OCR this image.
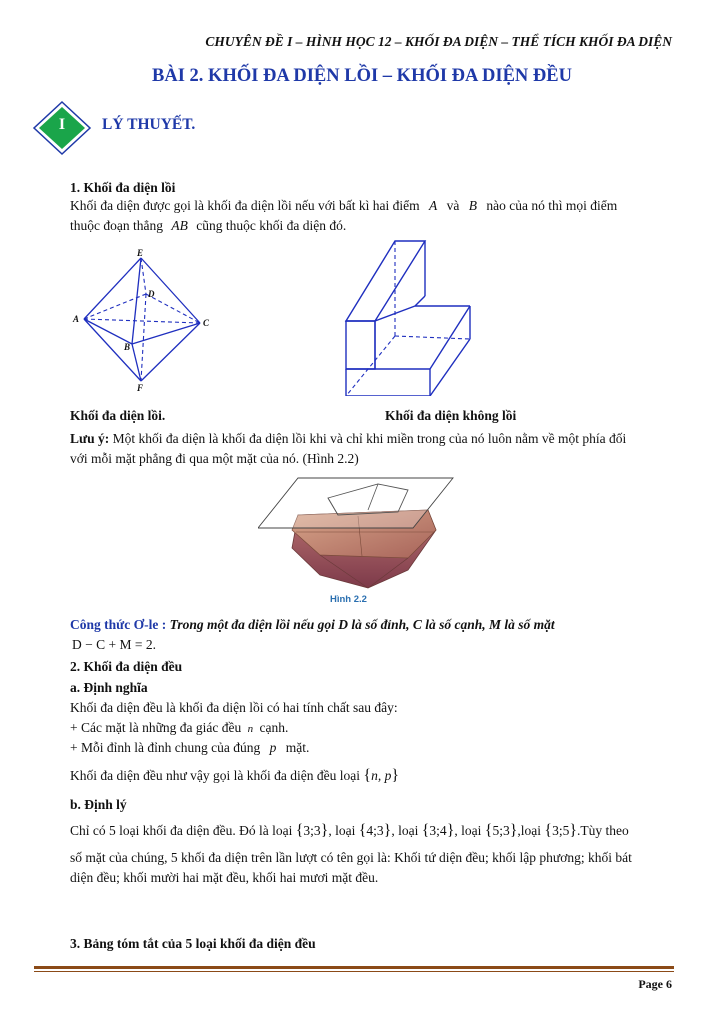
CHUYÊN ĐỀ I – HÌNH HỌC 12 – KHỐI ĐA DIỆN – THỂ TÍCH KHỐI ĐA DIỆN
BÀI 2. KHỐI ĐA DIỆN LỒI – KHỐI ĐA DIỆN ĐỀU
I	LÝ THUYẾT.
1. Khối đa diện lồi
Khối đa diện được gọi là khối đa diện lồi nếu với bất kì hai điểm A và B nào của nó thì mọi điểm
thuộc đoạn thẳng AB cũng thuộc khối đa diện đó.
E
D
A	C
B
F
Khối đa diện lồi.	Khối đa diện không lồi
Lưu ý: Một khối đa diện là khối đa diện lồi khi và chỉ khi miền trong của nó luôn nằm về một phía đối
với mỗi mặt phẳng đi qua một mặt của nó. (Hình 2.2)
Hình 2.2
Công thức Ơ-le : Trong một đa diện lồi nếu gọi D là số đỉnh, C là số cạnh, M là số mặt
D − C + M = 2.
2. Khối đa diện đều
a. Định nghĩa
Khối đa diện đều là khối đa diện lồi có hai tính chất sau đây:
+ Các mặt là những đa giác đều n cạnh.
+ Mỗi đỉnh là đỉnh chung của đúng p mặt.
Khối đa diện đều như vậy gọi là khối đa diện đều loại {n, p}
b. Định lý
Chỉ có 5 loại khối đa diện đều. Đó là loại {3;3}, loại {4;3}, loại {3;4}, loại {5;3},loại {3;5}.Tùy theo
số mặt của chúng, 5 khối đa diện trên lần lượt có tên gọi là: Khối tứ diện đều; khối lập phương; khối bát
diện đều; khối mười hai mặt đều, khối hai mươi mặt đều.
3. Bảng tóm tắt của 5 loại khối đa diện đều
Page 6
